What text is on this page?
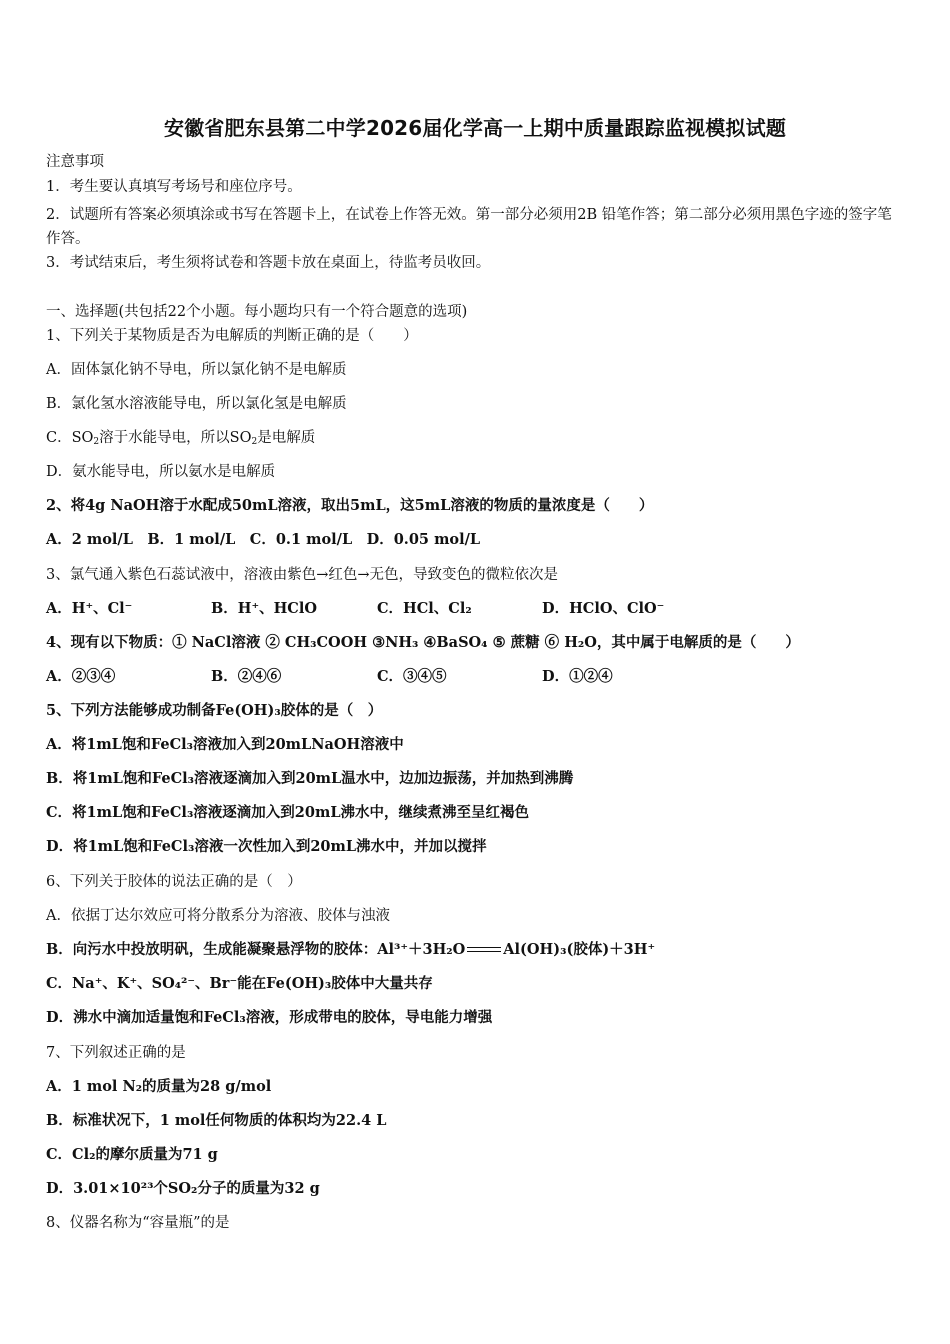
安徽省肥东县第二中学2026届化学高一上期中质量跟踪监视模拟试题
注意事项
1．考生要认真填写考场号和座位序号。
2．试题所有答案必须填涂或书写在答题卡上，在试卷上作答无效。第一部分必须用2B 铅笔作答；第二部分必须用黑色字迹的签字笔作答。
3．考试结束后，考生须将试卷和答题卡放在桌面上，待监考员收回。
一、选择题(共包括22个小题。每小题均只有一个符合题意的选项)
1、下列关于某物质是否为电解质的判断正确的是（　　）
A．固体氯化钠不导电，所以氯化钠不是电解质
B．氯化氢水溶液能导电，所以氯化氢是电解质
C．$SO_2$溶于水能导电，所以$SO_2$是电解质
D．氨水能导电，所以氨水是电解质
2、将4g NaOH溶于水配成50mL溶液，取出5mL，这5mL溶液的物质的量浓度是（　　）
A．2 mol/L　B．1 mol/L　C．0.1 mol/L　D．0.05 mol/L
3、氯气通入紫色石蕊试液中，溶液由紫色→红色→无色，导致变色的微粒依次是
A．H⁺、Cl⁻	B．H⁺、HClO	C．HCl、Cl₂	D．HClO、ClO⁻
4、现有以下物质：① NaCl溶液 ② CH₃COOH ③NH₃ ④BaSO₄ ⑤ 蔗糖 ⑥ H₂O，其中属于电解质的是（　　）
A．②③④	B．②④⑥	C．③④⑤	D．①②④
5、下列方法能够成功制备Fe(OH)₃胶体的是（　）
A．将1mL饱和FeCl₃溶液加入到20mLNaOH溶液中
B．将1mL饱和FeCl₃溶液逐滴加入到20mL温水中，边加边振荡，并加热到沸腾
C．将1mL饱和FeCl₃溶液逐滴加入到20mL沸水中，继续煮沸至呈红褐色
D．将1mL饱和FeCl₃溶液一次性加入到20mL沸水中，并加以搅拌
6、下列关于胶体的说法正确的是（　）
A．依据丁达尔效应可将分散系分为溶液、胶体与浊液
B．向污水中投放明矾，生成能凝聚悬浮物的胶体：Al³⁺＋3H₂O	Al(OH)₃(胶体)＋3H⁺
C．Na⁺、K⁺、SO₄²⁻、Br⁻能在Fe(OH)₃胶体中大量共存
D．沸水中滴加适量饱和FeCl₃溶液，形成带电的胶体，导电能力增强
7、下列叙述正确的是
A．1 mol N₂的质量为28 g/mol
B．标准状况下，1 mol任何物质的体积均为22.4 L
C．Cl₂的摩尔质量为71 g
D．3.01×10²³个SO₂分子的质量为32 g
8、仪器名称为“容量瓶”的是
